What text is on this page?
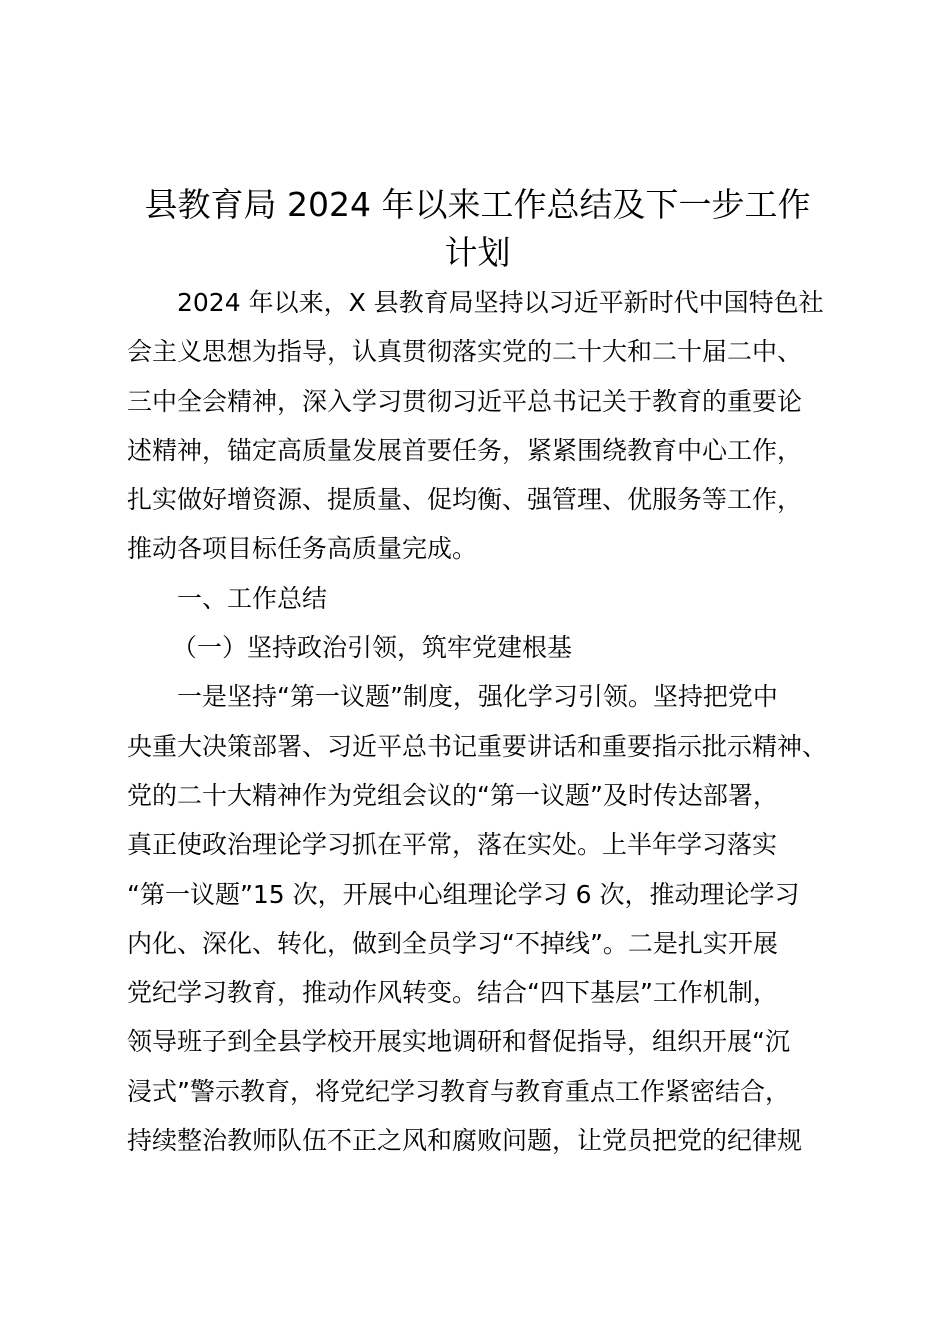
县教育局 2024 年以来工作总结及下一步工作
计划
2024 年以来，X 县教育局坚持以习近平新时代中国特色社
会主义思想为指导，认真贯彻落实党的二十大和二十届二中、
三中全会精神，深入学习贯彻习近平总书记关于教育的重要论
述精神，锚定高质量发展首要任务，紧紧围绕教育中心工作，
扎实做好增资源、提质量、促均衡、强管理、优服务等工作，
推动各项目标任务高质量完成。
一、工作总结
（一）坚持政治引领，筑牢党建根基
一是坚持“第一议题”制度，强化学习引领。坚持把党中
央重大决策部署、习近平总书记重要讲话和重要指示批示精神、
党的二十大精神作为党组会议的“第一议题”及时传达部署，
真正使政治理论学习抓在平常，落在实处。上半年学习落实
“第一议题”15 次，开展中心组理论学习 6 次，推动理论学习
内化、深化、转化，做到全员学习“不掉线”。二是扎实开展
党纪学习教育，推动作风转变。结合“四下基层”工作机制，
领导班子到全县学校开展实地调研和督促指导，组织开展“沉
浸式”警示教育，将党纪学习教育与教育重点工作紧密结合，
持续整治教师队伍不正之风和腐败问题，让党员把党的纪律规
